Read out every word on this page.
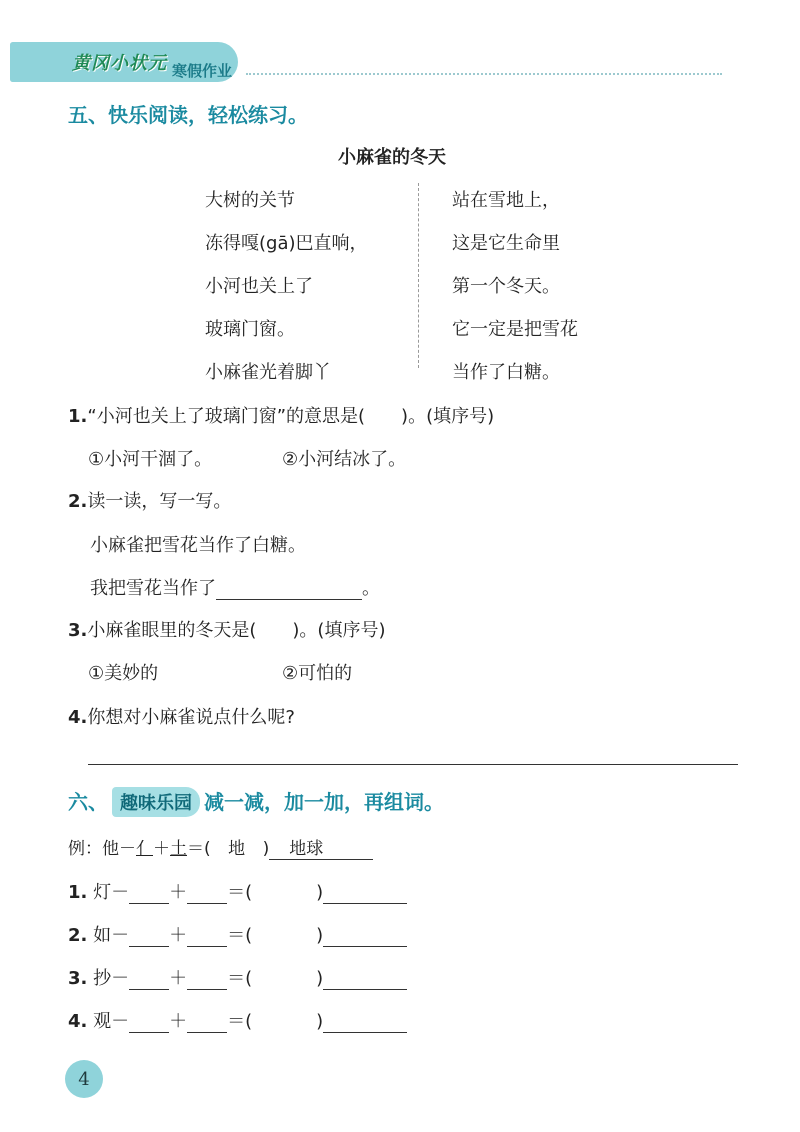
黄冈小状元 寒假作业
五、快乐阅读，轻松练习。
小麻雀的冬天
大树的关节
冻得嘎(gā)巴直响，
小河也关上了
玻璃门窗。
小麻雀光着脚丫
站在雪地上，
这是它生命里
第一个冬天。
它一定是把雪花
当作了白糖。
1.“小河也关上了玻璃门窗”的意思是(　　)。(填序号)
①小河干涸了。	②小河结冰了。
2.读一读，写一写。
小麻雀把雪花当作了白糖。
我把雪花当作了	。
3.小麻雀眼里的冬天是(　　)。(填序号)
①美妙的	②可怕的
4.你想对小麻雀说点什么呢?
六、 趣味乐园 减一减，加一加，再组词。
例：他－亻＋土＝( 地 ) 地球
1. 灯－ ＋ ＝(	)
2. 如－ ＋ ＝(	)
3. 抄－ ＋ ＝(	)
4. 观－ ＋ ＝(	)
4
